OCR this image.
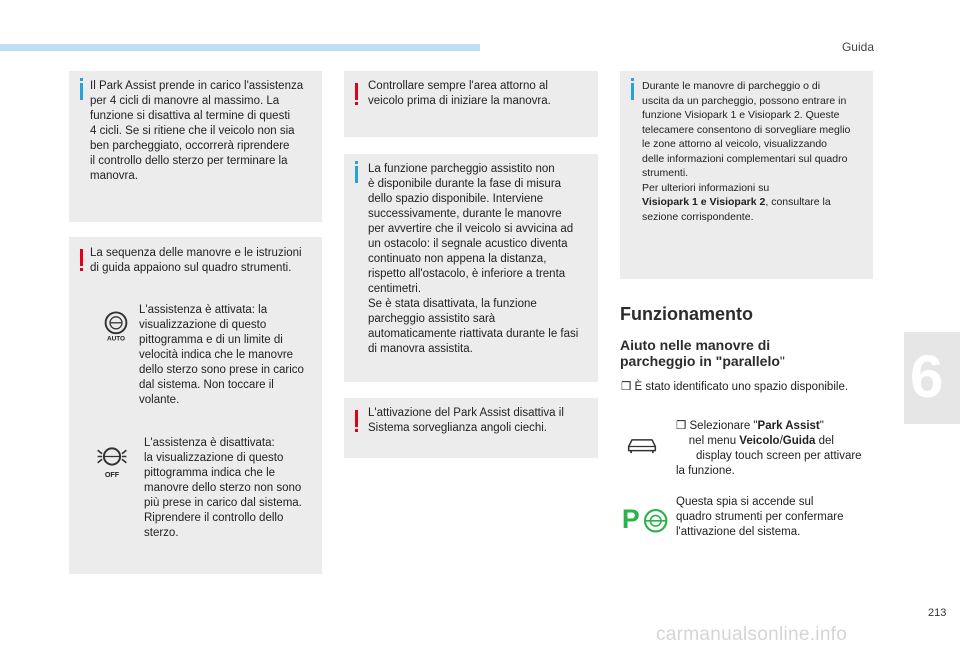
Guida
Il Park Assist prende in carico l'assistenza
per 4 cicli di manovre al massimo. La
funzione si disattiva al termine di questi
4 cicli. Se si ritiene che il veicolo non sia
ben parcheggiato, occorrerà riprendere
il controllo dello sterzo per terminare la
manovra.
La sequenza delle manovre e le istruzioni
di guida appaiono sul quadro strumenti.
AUTO
L'assistenza è attivata: la
visualizzazione di questo
pittogramma e di un limite di
velocità indica che le manovre
dello sterzo sono prese in carico
dal sistema. Non toccare il
volante.
OFF
L'assistenza è disattivata:
la visualizzazione di questo
pittogramma indica che le
manovre dello sterzo non sono
più prese in carico dal sistema.
Riprendere il controllo dello
sterzo.
Controllare sempre l'area attorno al
veicolo prima di iniziare la manovra.
La funzione parcheggio assistito non
è disponibile durante la fase di misura
dello spazio disponibile. Interviene
successivamente, durante le manovre
per avvertire che il veicolo si avvicina ad
un ostacolo: il segnale acustico diventa
continuato non appena la distanza,
rispetto all'ostacolo, è inferiore a trenta
centimetri.
Se è stata disattivata, la funzione
parcheggio assistito sarà
automaticamente riattivata durante le fasi
di manovra assistita.
L'attivazione del Park Assist disattiva il
Sistema sorveglianza angoli ciechi.
Durante le manovre di parcheggio o di
uscita da un parcheggio, possono entrare in
funzione Visiopark 1 e Visiopark 2. Queste
telecamere consentono di sorvegliare meglio
le zone attorno al veicolo, visualizzando
delle informazioni complementari sul quadro
strumenti.
Per ulteriori informazioni su
Visiopark 1 e Visiopark 2, consultare la
sezione corrispondente.
Funzionamento
Aiuto nelle manovre di
parcheggio in "parallelo"
❒ È stato identificato uno spazio disponibile.
❒ Selezionare "Park Assist"
nel menu Veicolo/Guida del
display touch screen per attivare
la funzione.
P
Questa spia si accende sul
quadro strumenti per confermare
l'attivazione del sistema.
6
213
carmanualsonline.info
